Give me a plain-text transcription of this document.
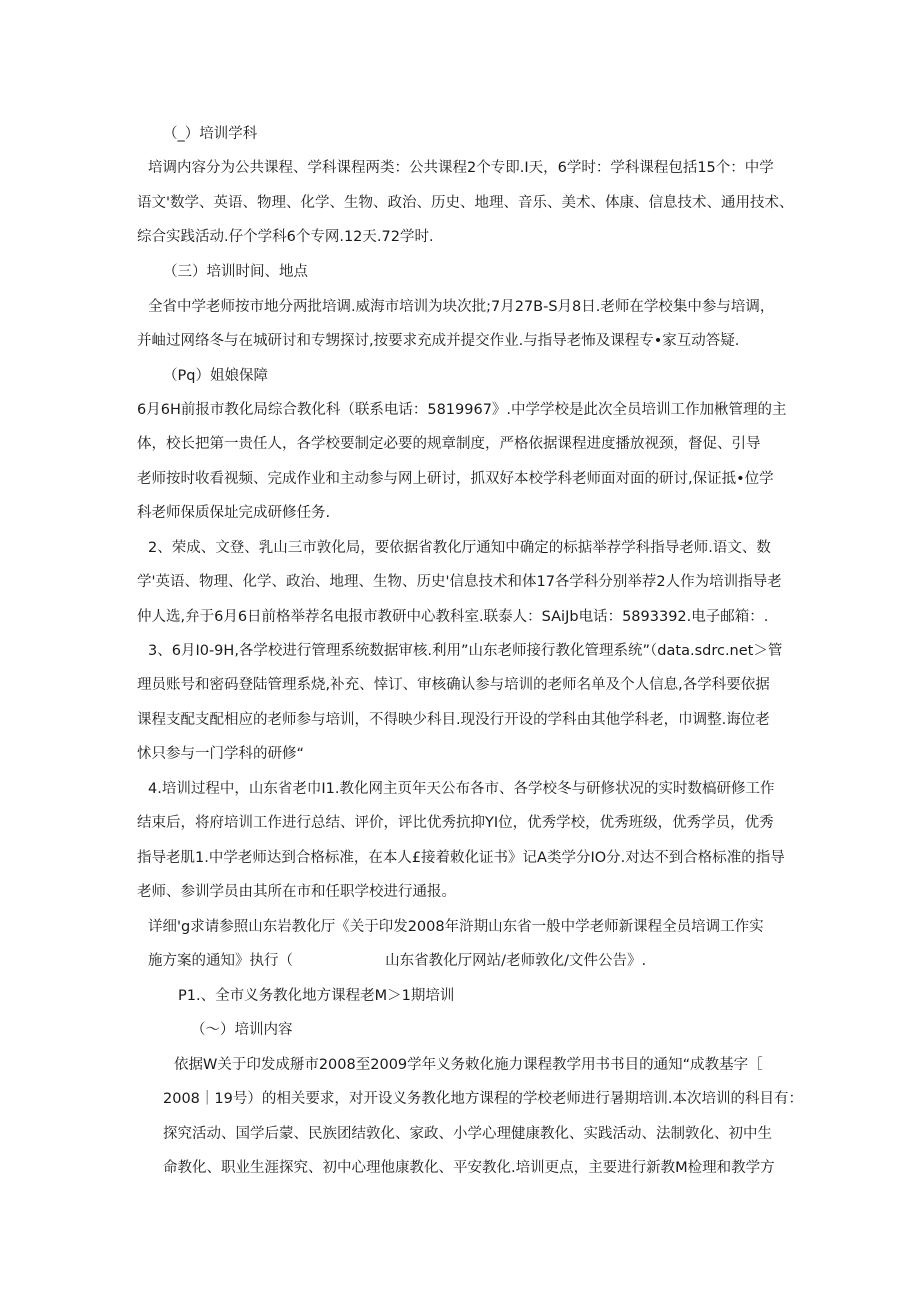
（_）培训学科
培调内容分为公共课程、学科课程两类：公共课程2个专即.I天，6学时：学科课程包括15个：中学
语文'数学、英语、物理、化学、生物、政治、历史、地理、音乐、美术、体康、信息技术、通用技术、
综合实践活动.仔个学科6个专网.12天.72学时.
（三）培训时间、地点
全省中学老师按市地分两批培调.威海市培训为块次批;7月27B-S月8日.老师在学校集中参与培调，
并岫过网络冬与在城研讨和专甥探讨,按要求充成并提交作业.与指导老怖及课程专•家互动答疑.
（Pq）姐娘保障
6月6H前报市教化局综合教化科（联系电话：5819967》.中学学校是此次全员培训工作加楸管理的主
体，校长把第一贵任人，各学校要制定必要的规章制度，严格依据课程进度播放视颈，督促、引导
老师按时收看视频、完成作业和主动参与网上研讨，抓双好本校学科老师面对面的研讨,保证抵•位学
科老师保质保址完成研修任务.
2、荣成、文登、乳山三市敦化局，要依据省教化厅通知中确定的标掂举荐学科指导老师.语文、数
学'英语、物理、化学、政治、地理、生物、历史'信息技术和体17各学科分别举荐2人作为培训指导老
仲人选,弁于6月6日前格举荐名电报市教研中心教科室.联泰人：SAiJb电话：5893392.电子邮箱：.
3、6月I0-9H,各学校进行管理系统数据审核.利用”山东老师接行教化管理系统”（data.sdrc.net＞管
理员账号和密码登陆管理系烧,补充、悻订、审核确认参与培训的老师名单及个人信息,各学科要依据
课程支配支配相应的老师参与培训，不得映少科目.现没行开设的学科由其他学科老，巾调整.诲位老
怵只参与一门学科的研修“
4.培训过程中，山东省老巾I1.教化网主页年天公布各市、各学校冬与研修状况的实时数槁研修工作
结束后，将府培训工作进行总结、评价，评比优秀抗抑YI位，优秀学校，优秀班级，优秀学员，优秀
指导老肌1.中学老师达到合格标准，在本人£接着敕化证书》记A类学分IO分.对达不到合格标准的指导
老师、参训学员由其所在市和任职学校进行通报。
详细'g求请参照山东岩教化厅《关于印发2008年浒期山东省一般中学老师新课程全员培调工作实
施方案的通知》执行（                    山东省教化厅网站/老师敦化/文件公告》.
P1.、全市义务教化地方课程老M＞1期培训
（～）培训内容
依据W关于印发成掰市2008至2009学年义务敕化施力课程教学用书书目的通知“成教基字［
2008｜19号）的相关要求，对开设义务教化地方课程的学校老师进行暑期培训.本次培训的科目有：
探究活动、国学后蒙、民族团结敦化、家政、小学心理健康教化、实践活动、法制敦化、初中生
命教化、职业生涯探究、初中心理他康教化、平安教化.培训更点，主要进行新教M检理和教学方
